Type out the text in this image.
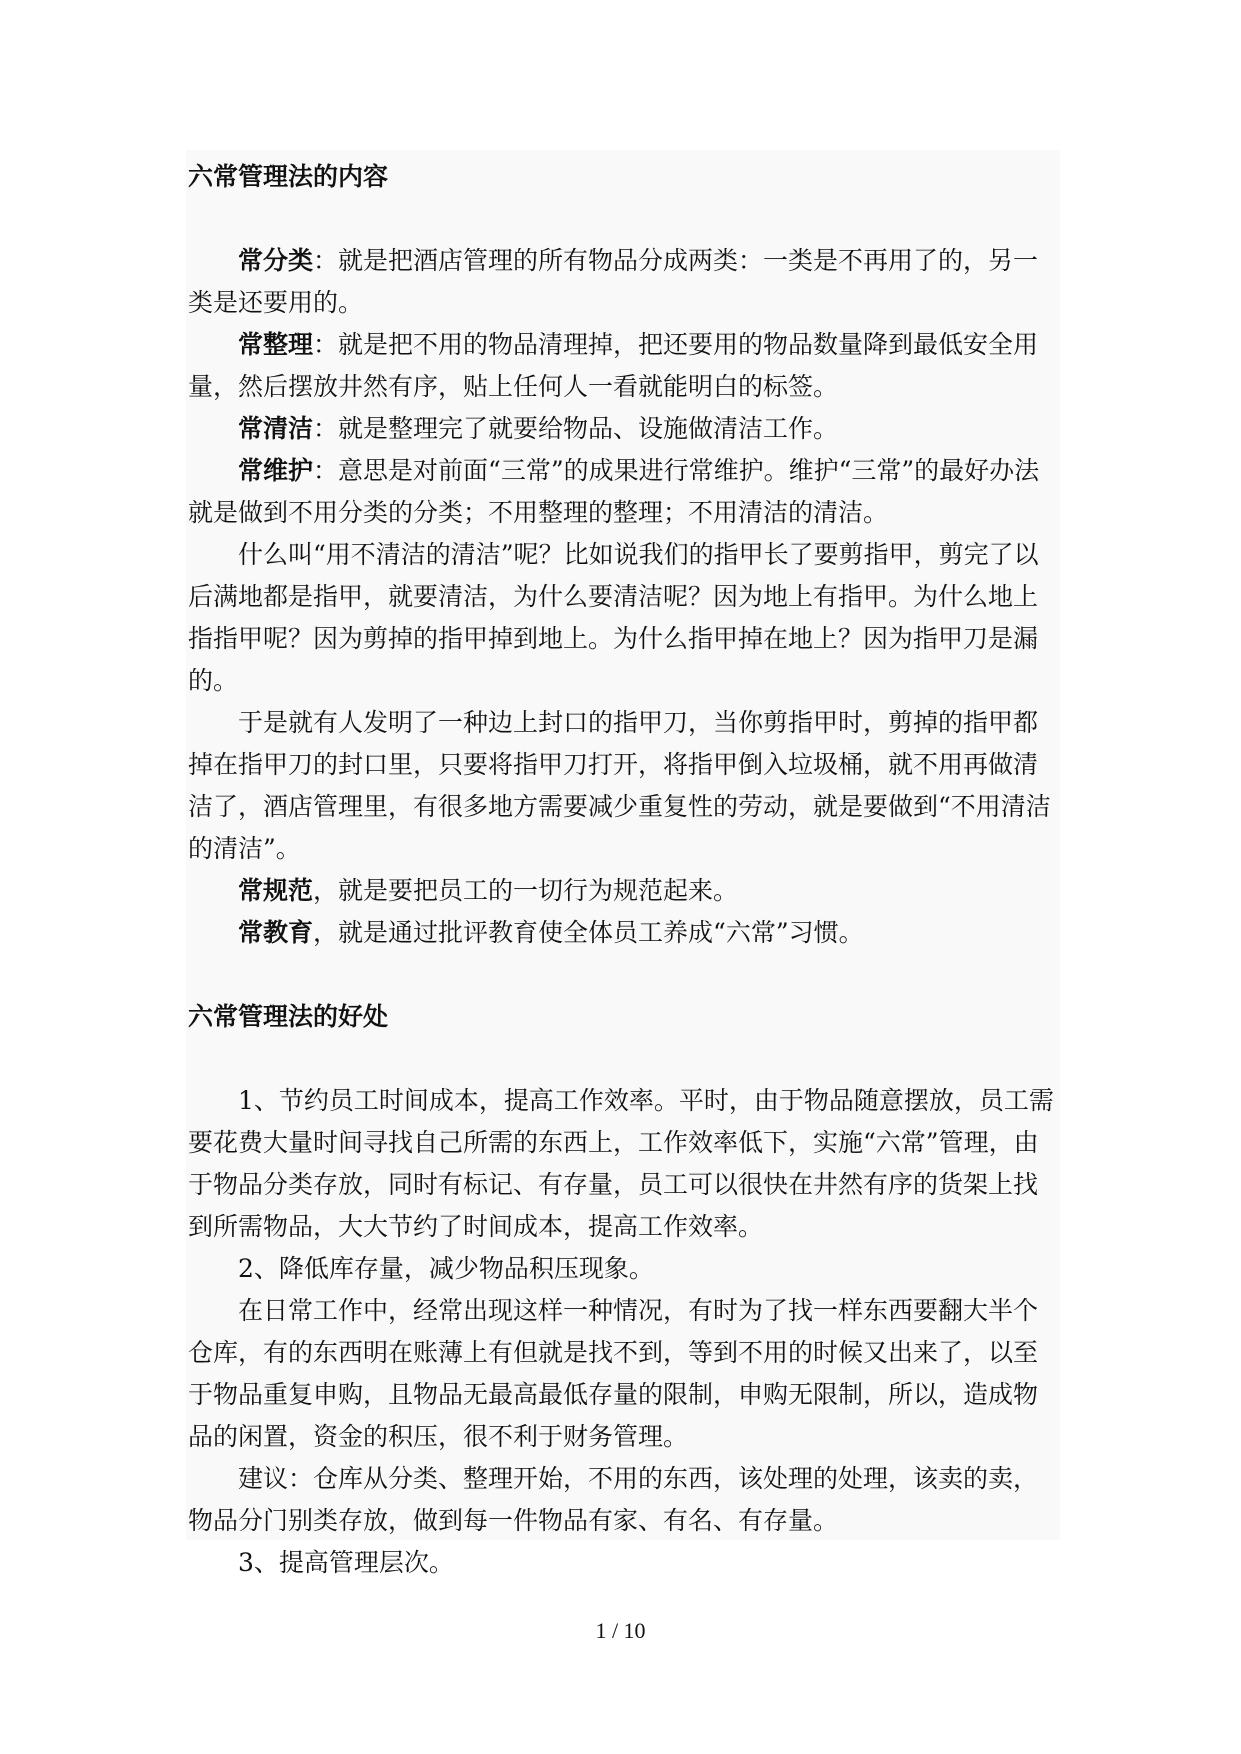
六常管理法的内容

常分类：就是把酒店管理的所有物品分成两类：一类是不再用了的，另一类是还要用的。

常整理：就是把不用的物品清理掉，把还要用的物品数量降到最低安全用量，然后摆放井然有序，贴上任何人一看就能明白的标签。

常清洁：就是整理完了就要给物品、设施做清洁工作。

常维护：意思是对前面“三常”的成果进行常维护。维护“三常”的最好办法就是做到不用分类的分类；不用整理的整理；不用清洁的清洁。

什么叫“用不清洁的清洁”呢？比如说我们的指甲长了要剪指甲，剪完了以后满地都是指甲，就要清洁，为什么要清洁呢？因为地上有指甲。为什么地上指指甲呢？因为剪掉的指甲掉到地上。为什么指甲掉在地上？因为指甲刀是漏的。

于是就有人发明了一种边上封口的指甲刀，当你剪指甲时，剪掉的指甲都掉在指甲刀的封口里，只要将指甲刀打开，将指甲倒入垃圾桶，就不用再做清洁了，酒店管理里，有很多地方需要减少重复性的劳动，就是要做到“不用清洁的清洁”。

常规范，就是要把员工的一切行为规范起来。

常教育，就是通过批评教育使全体员工养成“六常”习惯。

六常管理法的好处

1、节约员工时间成本，提高工作效率。平时，由于物品随意摆放，员工需要花费大量时间寻找自己所需的东西上，工作效率低下，实施“六常”管理，由于物品分类存放，同时有标记、有存量，员工可以很快在井然有序的货架上找到所需物品，大大节约了时间成本，提高工作效率。

2、降低库存量，减少物品积压现象。

在日常工作中，经常出现这样一种情况，有时为了找一样东西要翻大半个仓库，有的东西明在账薄上有但就是找不到，等到不用的时候又出来了，以至于物品重复申购，且物品无最高最低存量的限制，申购无限制，所以，造成物品的闲置，资金的积压，很不利于财务管理。

建议：仓库从分类、整理开始，不用的东西，该处理的处理，该卖的卖，物品分门别类存放，做到每一件物品有家、有名、有存量。

3、提高管理层次。

1 / 10
